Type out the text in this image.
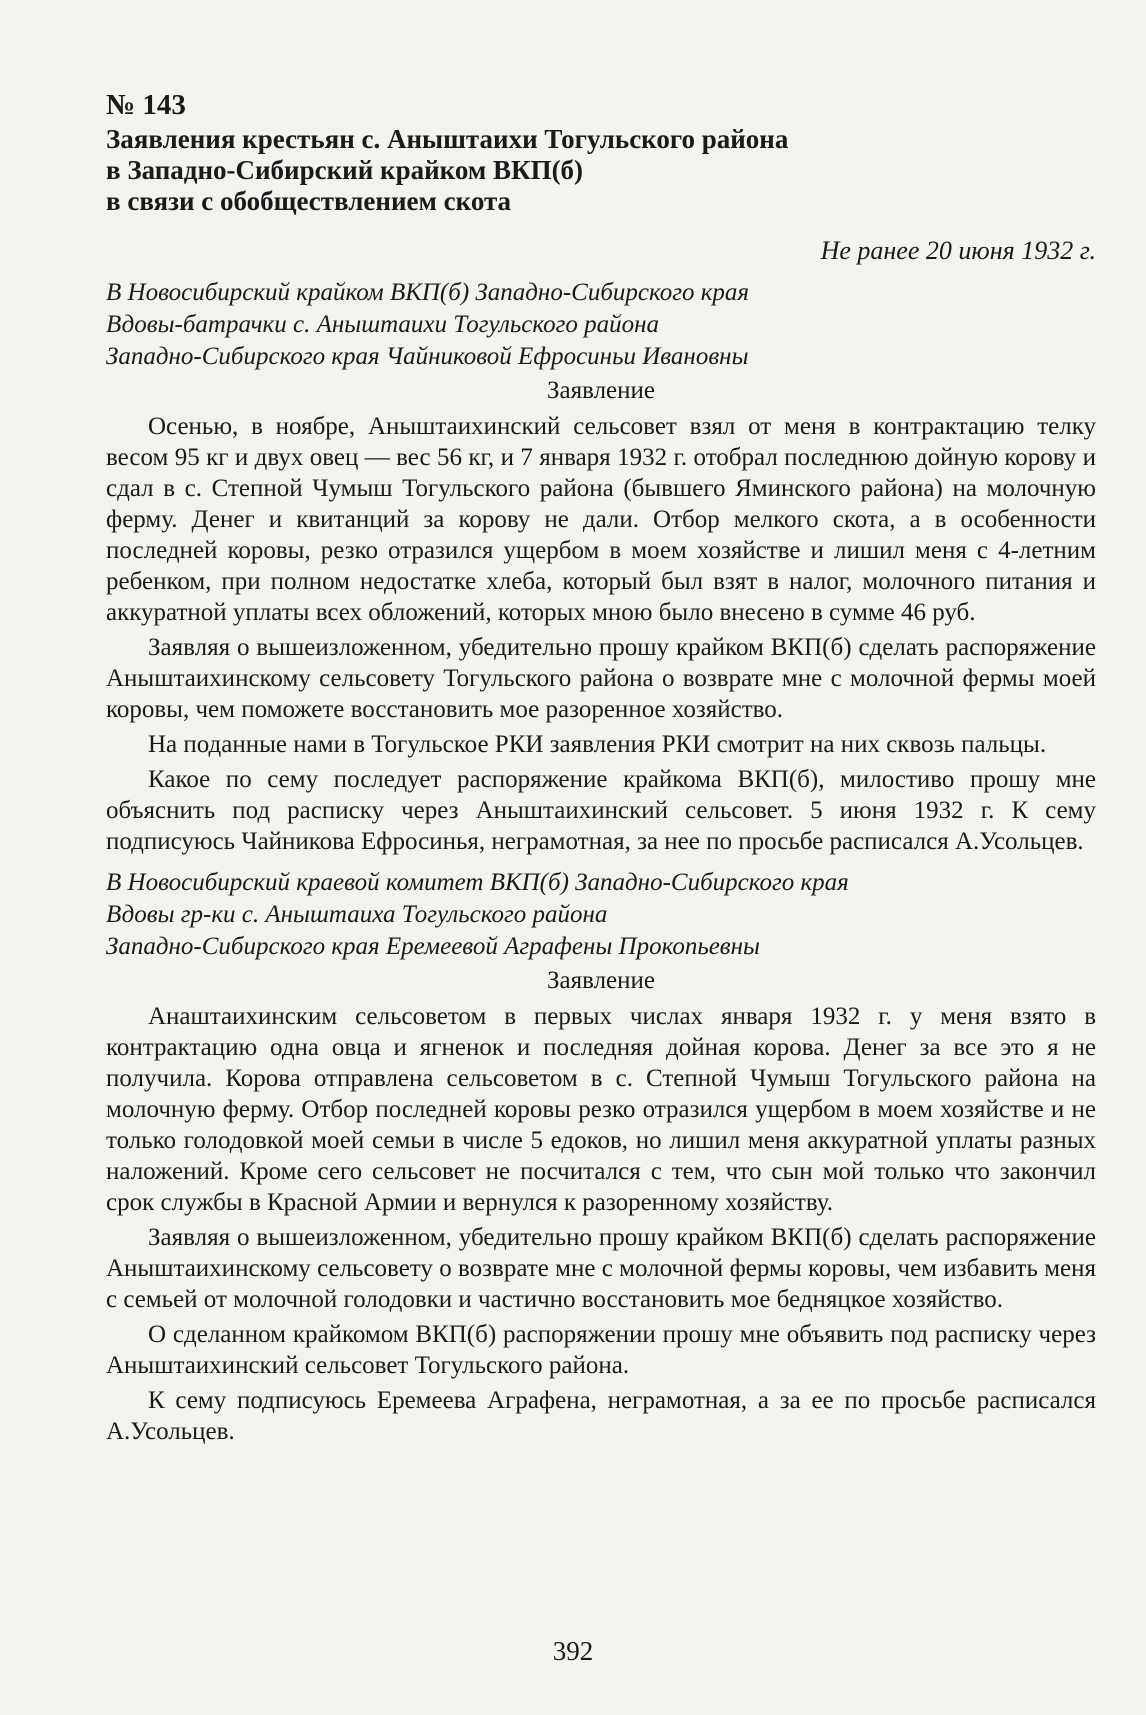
№ 143
Заявления крестьян с. Аныштаихи Тогульского района
в Западно-Сибирский крайком ВКП(б)
в связи с обобществлением скота
Не ранее 20 июня 1932 г.
В Новосибирский крайком ВКП(б) Западно-Сибирского края
Вдовы-батрачки с. Аныштаихи Тогульского района
Западно-Сибирского края Чайниковой Ефросиньи Ивановны
Заявление

Осенью, в ноябре, Аныштаихинский сельсовет взял от меня в контрактацию телку весом 95 кг и двух овец — вес 56 кг, и 7 января 1932 г. отобрал последнюю дойную корову и сдал в с. Степной Чумыш Тогульского района (бывшего Яминского района) на молочную ферму. Денег и квитанций за корову не дали. Отбор мелкого скота, а в особенности последней коровы, резко отразился ущербом в моем хозяйстве и лишил меня с 4-летним ребенком, при полном недостатке хлеба, который был взят в налог, молочного питания и аккуратной уплаты всех обложений, которых мною было внесено в сумме 46 руб.

Заявляя о вышеизложенном, убедительно прошу крайком ВКП(б) сделать распоряжение Аныштаихинскому сельсовету Тогульского района о возврате мне с молочной фермы моей коровы, чем поможете восстановить мое разоренное хозяйство.

На поданные нами в Тогульское РКИ заявления РКИ смотрит на них сквозь пальцы.

Какое по сему последует распоряжение крайкома ВКП(б), милостиво прошу мне объяснить под расписку через Аныштаихинский сельсовет. 5 июня 1932 г. К сему подписуюсь Чайникова Ефросинья, неграмотная, за нее по просьбе расписался А.Усольцев.

В Новосибирский краевой комитет ВКП(б) Западно-Сибирского края
Вдовы гр-ки с. Аныштаиха Тогульского района
Западно-Сибирского края Еремеевой Аграфены Прокопьевны
Заявление

Анаштаихинским сельсоветом в первых числах января 1932 г. у меня взято в контрактацию одна овца и ягненок и последняя дойная корова. Денег за все это я не получила. Корова отправлена сельсоветом в с. Степной Чумыш Тогульского района на молочную ферму. Отбор последней коровы резко отразился ущербом в моем хозяйстве и не только голодовкой моей семьи в числе 5 едоков, но лишил меня аккуратной уплаты разных наложений. Кроме сего сельсовет не посчитался с тем, что сын мой только что закончил срок службы в Красной Армии и вернулся к разоренному хозяйству.

Заявляя о вышеизложенном, убедительно прошу крайком ВКП(б) сделать распоряжение Аныштаихинскому сельсовету о возврате мне с молочной фермы коровы, чем избавить меня с семьей от молочной голодовки и частично восстановить мое бедняцкое хозяйство.

О сделанном крайкомом ВКП(б) распоряжении прошу мне объявить под расписку через Аныштаихинский сельсовет Тогульского района.

К сему подписуюсь Еремеева Аграфена, неграмотная, а за ее по просьбе расписался А.Усольцев.

392
